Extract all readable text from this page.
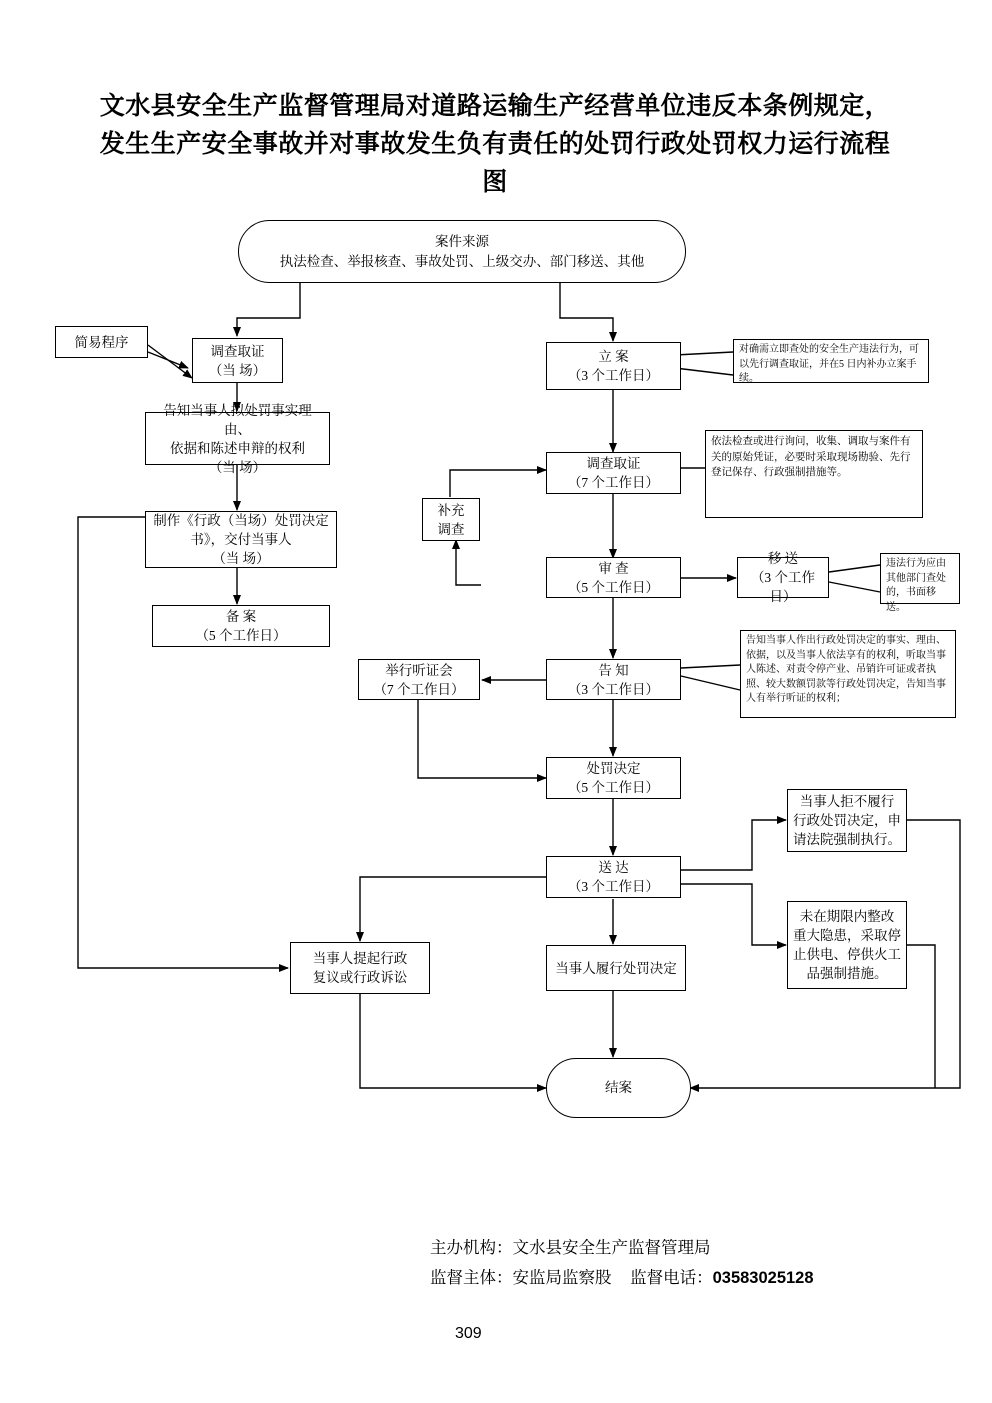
文水县安全生产监督管理局对道路运输生产经营单位违反本条例规定，发生生产安全事故并对事故发生负有责任的处罚行政处罚权力运行流程图
案件来源
执法检查、举报核查、事故处罚、上级交办、部门移送、其他
简易程序
调查取证
（当 场）
告知当事人拟处罚事实理由、
依据和陈述申辩的权利
（当 场）
制作《行政（当场）处罚决定
书》，交付当事人
（当 场）
备 案
（5 个工作日）
立 案
（3 个工作日）
调查取证
（7 个工作日）
补充
调查
审 查
（5 个工作日）
移 送
（3 个工作日）
告 知
（3 个工作日）
举行听证会
（7 个工作日）
处罚决定
（5 个工作日）
送 达
（3 个工作日）
当事人提起行政
复议或行政诉讼
当事人履行处罚决定
当事人拒不履行
行政处罚决定，申
请法院强制执行。
未在期限内整改
重大隐患，采取停
止供电、停供火工
品强制措施。
结案
对确需立即查处的安全生产违法行为，可以先行调查取证，并在5 日内补办立案手续。
依法检查或进行询问，收集、调取与案件有关的原始凭证，必要时采取现场勘验、先行登记保存、行政强制措施等。
违法行为应由其他部门查处的，书面移送。
告知当事人作出行政处罚决定的事实、理由、依据，以及当事人依法享有的权利，听取当事人陈述、对责令停产业、吊销许可证或者执照、较大数额罚款等行政处罚决定，告知当事人有举行听证的权利；
主办机构：文水县安全生产监督管理局
监督主体：安监局监察股 监督电话：03583025128
309
